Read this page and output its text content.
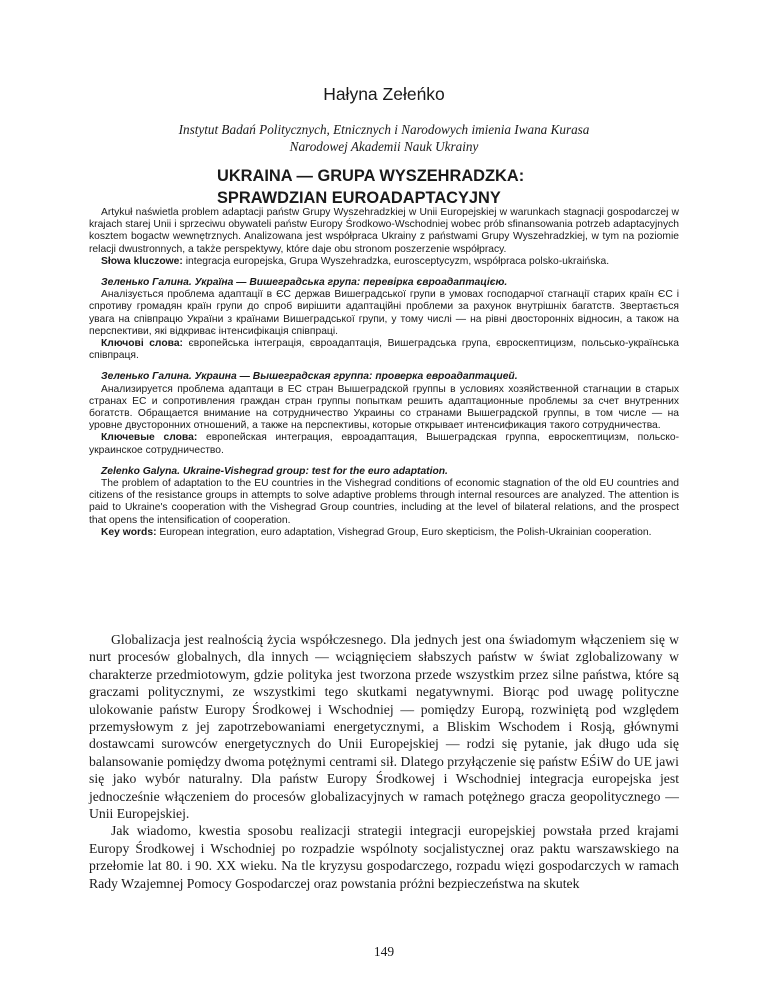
Hałyna Zełeńko
Instytut Badań Politycznych, Etnicznych i Narodowych imienia Iwana Kurasa
Narodowej Akademii Nauk Ukrainy
UKRAINA — GRUPA WYSZEHRADZKA:
SPRAWDZIAN EUROADAPTACYJNY

Artykuł naświetla problem adaptacji państw Grupy Wyszehradzkiej w Unii Europejskiej w warunkach stagnacji gospodarczej w krajach starej Unii i sprzeciwu obywateli państw Europy Środkowo-Wschodniej wobec prób sfinansowania potrzeb adaptacyjnych kosztem bogactw wewnętrznych. Analizowana jest współpraca Ukrainy z państwami Grupy Wyszehradzkiej, w tym na poziomie relacji dwustronnych, a także perspektywy, które daje obu stronom poszerzenie współpracy.

Słowa kluczowe: integracja europejska, Grupa Wyszehradzka, eurosceptycyzm, współpraca polsko-ukraińska.

Зеленько Галина. Україна — Вишеградська група: перевірка євроадаптацією.

Аналізується проблема адаптації в ЄС держав Вишеградської групи в умовах господарчої стагнації старих країн ЄС і спротиву громадян країн групи до спроб вирішити адаптаційні проблеми за рахунок внутрішніх багатств. Звертається увага на співпрацю України з країнами Вишеградської групи, у тому числі — на рівні двосторонніх відносин, а також на перспективи, які відкриває інтенсифікація співпраці.

Ключові слова: європейська інтеграція, євроадаптація, Вишеградська група, євроскептицизм, польсько-українська співпраця.

Зеленько Галина. Украина — Вышеградская группа: проверка евроадаптацией.

Анализируется проблема адаптаци в ЕС стран Вышеградской группы в условиях хозяйственной стагнации в старых странах ЕС и сопротивления граждан стран группы попыткам решить адаптационные проблемы за счет внутренних богатств. Обращается внимание на сотрудничество Украины со странами Вышеградской группы, в том числе — на уровне двусторонних отношений, а также на перспективы, которые открывает интенсификация такого сотрудничества.

Ключевые слова: европейская интеграция, евроадаптация, Вышеградская группа, евроскептицизм, польско-украинское сотрудничество.

Zelenko Galyna. Ukraine-Vishegrad group: test for the euro adaptation.

The problem of adaptation to the EU countries in the Vishegrad conditions of economic stagnation of the old EU countries and citizens of the resistance groups in attempts to solve adaptive problems through internal resources are analyzed. The attention is paid to Ukraine's cooperation with the Vishegrad Group countries, including at the level of bilateral relations, and the prospect that opens the intensification of cooperation.

Key words: European integration, euro adaptation, Vishegrad Group, Euro skepticism, the Polish-Ukrainian cooperation.

Globalizacja jest realnością życia współczesnego. Dla jednych jest ona świadomym włączeniem się w nurt procesów globalnych, dla innych — wciągnięciem słabszych państw w świat zglobalizowany w charakterze przedmiotowym, gdzie polityka jest tworzona przede wszystkim przez silne państwa, które są graczami politycznymi, ze wszystkimi tego skutkami negatywnymi. Biorąc pod uwagę polityczne ulokowanie państw Europy Środkowej i Wschodniej — pomiędzy Europą, rozwiniętą pod względem przemysłowym z jej zapotrzebowaniami energetycznymi, a Bliskim Wschodem i Rosją, głównymi dostawcami surowców energetycznych do Unii Europejskiej — rodzi się pytanie, jak długo uda się balansowanie pomiędzy dwoma potężnymi centrami sił. Dlatego przyłączenie się państw EŚiW do UE jawi się jako wybór naturalny. Dla państw Europy Środkowej i Wschodniej integracja europejska jest jednocześnie włączeniem do procesów globalizacyjnych w ramach potężnego gracza geopolitycznego — Unii Europejskiej.

Jak wiadomo, kwestia sposobu realizacji strategii integracji europejskiej powstała przed krajami Europy Środkowej i Wschodniej po rozpadzie wspólnoty socjalistycznej oraz paktu warszawskiego na przełomie lat 80. i 90. XX wieku. Na tle kryzysu gospodarczego, rozpadu więzi gospodarczych w ramach Rady Wzajemnej Pomocy Gospodarczej oraz powstania próżni bezpieczeństwa na skutek

149
